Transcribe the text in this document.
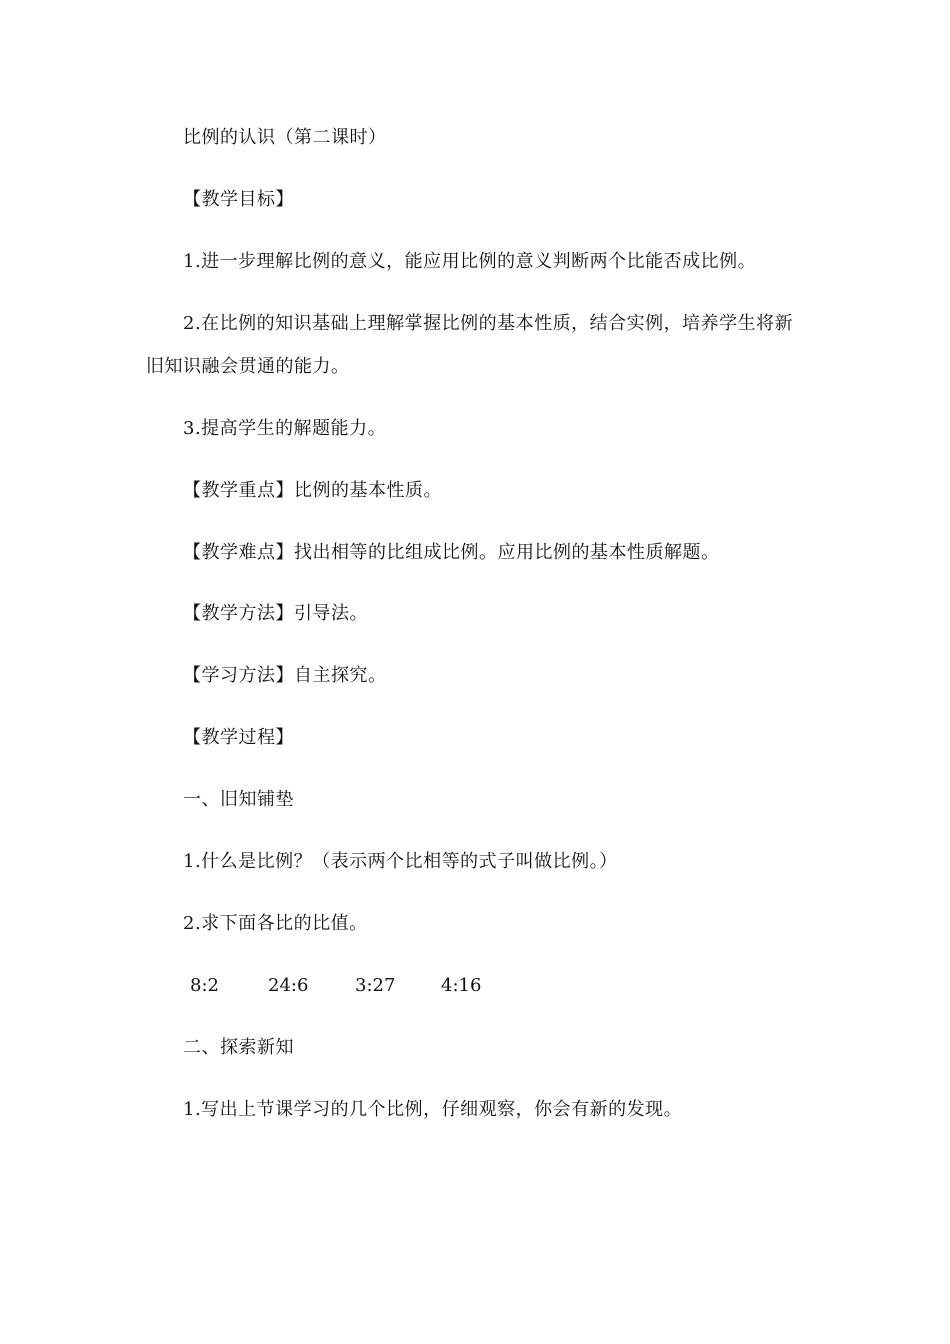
比例的认识（第二课时）
【教学目标】
1.进一步理解比例的意义，能应用比例的意义判断两个比能否成比例。
2.在比例的知识基础上理解掌握比例的基本性质，结合实例，培养学生将新
旧知识融会贯通的能力。
3.提高学生的解题能力。
【教学重点】比例的基本性质。
【教学难点】找出相等的比组成比例。应用比例的基本性质解题。
【教学方法】引导法。
【学习方法】自主探究。
【教学过程】
一、旧知铺垫
1.什么是比例？（表示两个比相等的式子叫做比例。）
2.求下面各比的比值。
8:2	24:6	3:27	4:16
二、探索新知
1.写出上节课学习的几个比例，仔细观察，你会有新的发现。
